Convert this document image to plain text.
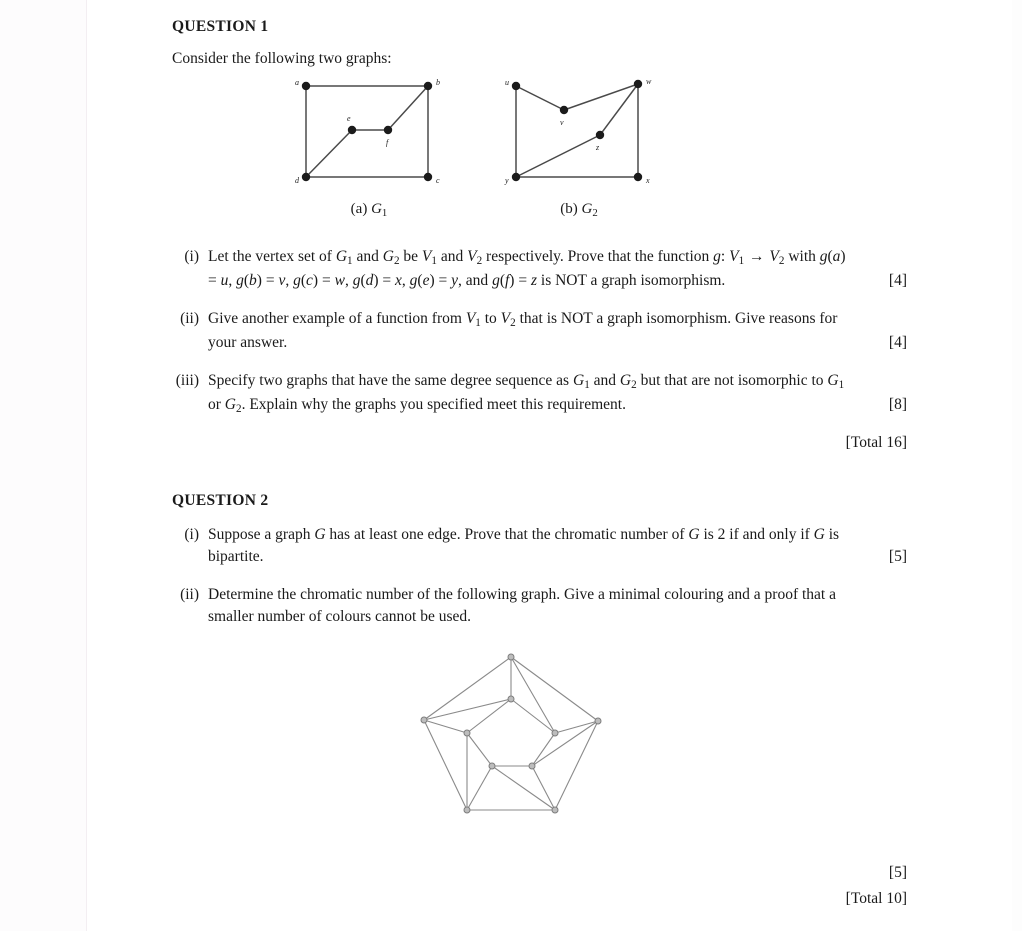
QUESTION 1

Consider the following two graphs:

a	b
e
f
d	c
(a) $G_1$
u	w
v
z
y	x
(b) $G_2$
(i) Let the vertex set of $G_1$ and $G_2$ be $V_1$ and $V_2$ respectively. Prove that the function g: $V_1 \to V_2$ with g(a) = u, g(b) = v, g(c) = w, g(d) = x, g(e) = y, and g(f) = z is NOT a graph isomorphism.	[4]

(ii) Give another example of a function from $V_1$ to $V_2$ that is NOT a graph isomorphism. Give reasons for your answer.	[4]

(iii) Specify two graphs that have the same degree sequence as $G_1$ and $G_2$ but that are not isomorphic to $G_1$ or $G_2$. Explain why the graphs you specified meet this requirement.	[8]

[Total 16]
QUESTION 2
(i) Suppose a graph G has at least one edge. Prove that the chromatic number of G is 2 if and only if G is bipartite.	[5]

(ii) Determine the chromatic number of the following graph. Give a minimal colouring and a proof that a smaller number of colours cannot be used.

[5]
[Total 10]
